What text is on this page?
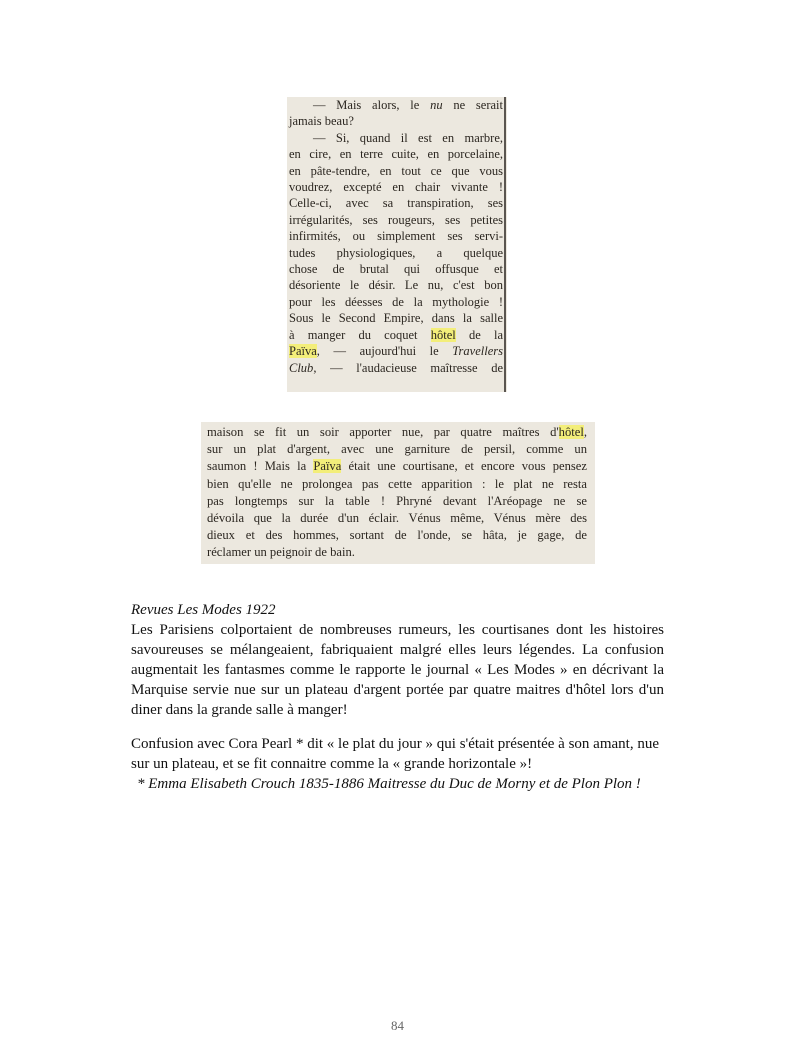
— Mais alors, le nu ne serait
jamais beau?
— Si, quand il est en marbre,
en cire, en terre cuite, en porcelaine,
en pâte-tendre, en tout ce que vous
voudrez, excepté en chair vivante !
Celle-ci, avec sa transpiration, ses
irrégularités, ses rougeurs, ses petites
infirmités, ou simplement ses servi-
tudes physiologiques, a quelque
chose de brutal qui offusque et
désoriente le désir. Le nu, c'est bon
pour les déesses de la mythologie !
Sous le Second Empire, dans la salle
à manger du coquet hôtel de la
Païva, — aujourd'hui le Travellers
Club, — l'audacieuse maîtresse de
maison se fit un soir apporter nue, par quatre maîtres d'hôtel,
sur un plat d'argent, avec une garniture de persil, comme un
saumon ! Mais la Païva était une courtisane, et encore vous pensez
bien qu'elle ne prolongea pas cette apparition : le plat ne resta
pas longtemps sur la table ! Phryné devant l'Aréopage ne se
dévoila que la durée d'un éclair. Vénus même, Vénus mère des
dieux et des hommes, sortant de l'onde, se hâta, je gage, de
réclamer un peignoir de bain.

Revues Les Modes 1922

Les Parisiens colportaient de nombreuses rumeurs, les courtisanes dont les histoires savoureuses se mélangeaient, fabriquaient malgré elles leurs légendes. La confusion augmentait les fantasmes comme le rapporte le journal « Les Modes » en décrivant la Marquise servie nue sur un plateau d'argent portée par quatre maitres d'hôtel lors d'un diner dans la grande salle à manger!

Confusion avec Cora Pearl * dit « le plat du jour » qui s'était présentée à son amant, nue sur un plateau, et se fit connaitre comme la « grande horizontale »!

* Emma Elisabeth Crouch 1835-1886 Maitresse du Duc de Morny et de Plon Plon !

84
